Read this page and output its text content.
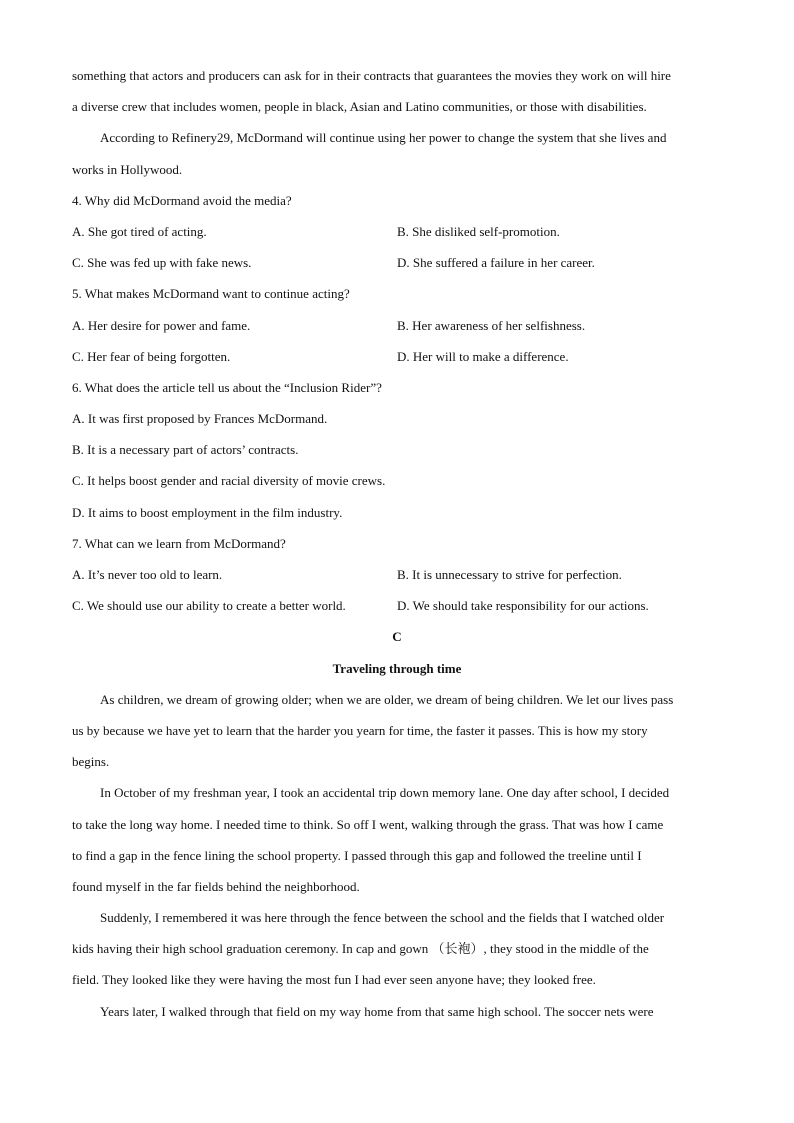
something that actors and producers can ask for in their contracts that guarantees the movies they work on will hire
a diverse crew that includes women, people in black, Asian and Latino communities, or those with disabilities.
According to Refinery29, McDormand will continue using her power to change the system that she lives and
works in Hollywood.
4. Why did McDormand avoid the media?
A. She got tired of acting.	B. She disliked self-promotion.
C. She was fed up with fake news.	D. She suffered a failure in her career.
5. What makes McDormand want to continue acting?
A. Her desire for power and fame.	B. Her awareness of her selfishness.
C. Her fear of being forgotten.	D. Her will to make a difference.
6. What does the article tell us about the “Inclusion Rider”?
A. It was first proposed by Frances McDormand.
B. It is a necessary part of actors’ contracts.
C. It helps boost gender and racial diversity of movie crews.
D. It aims to boost employment in the film industry.
7. What can we learn from McDormand?
A. It’s never too old to learn.	B. It is unnecessary to strive for perfection.
C. We should use our ability to create a better world.	D. We should take responsibility for our actions.
C
Traveling through time
As children, we dream of growing older; when we are older, we dream of being children. We let our lives pass
us by because we have yet to learn that the harder you yearn for time, the faster it passes. This is how my story
begins.
In October of my freshman year, I took an accidental trip down memory lane. One day after school, I decided
to take the long way home. I needed time to think. So off I went, walking through the grass. That was how I came
to find a gap in the fence lining the school property. I passed through this gap and followed the treeline until I
found myself in the far fields behind the neighborhood.
Suddenly, I remembered it was here through the fence between the school and the fields that I watched older
kids having their high school graduation ceremony. In cap and gown （长袍）, they stood in the middle of the
field. They looked like they were having the most fun I had ever seen anyone have; they looked free.
Years later, I walked through that field on my way home from that same high school. The soccer nets were
